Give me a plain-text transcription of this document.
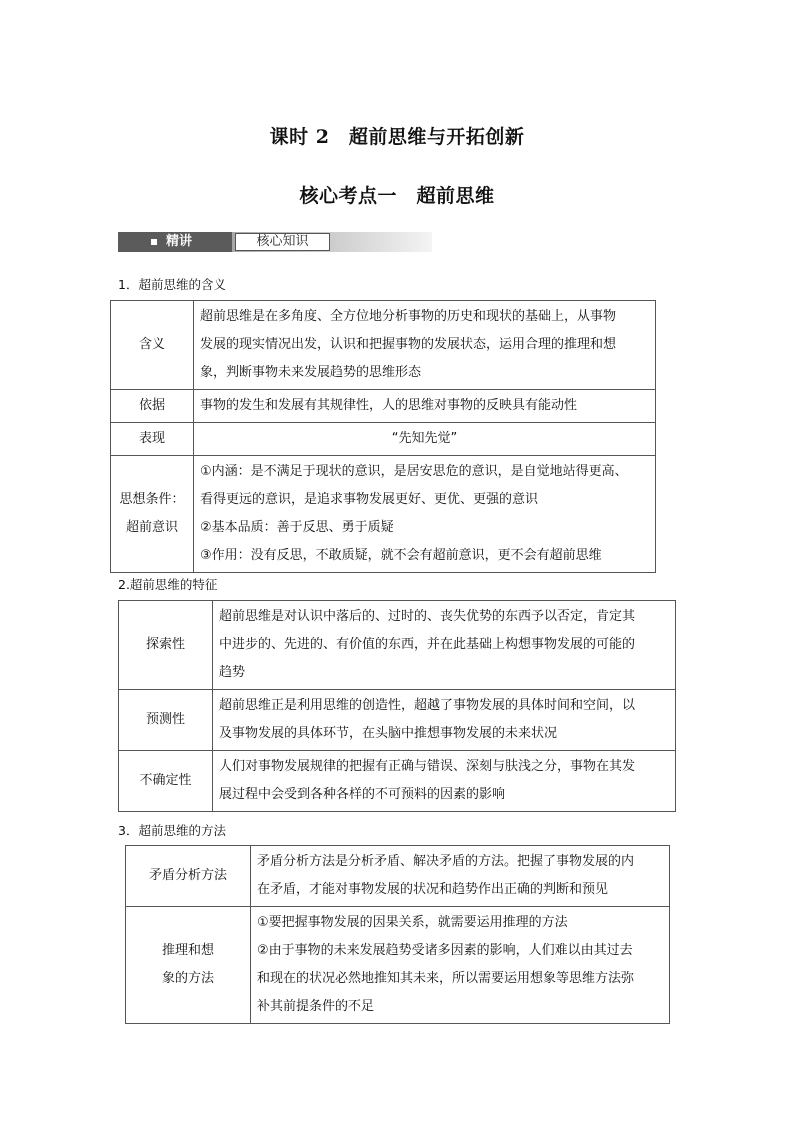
课时 2　超前思维与开拓创新
核心考点一　超前思维
精讲	核心知识
1．超前思维的含义
含义	超前思维是在多角度、全方位地分析事物的历史和现状的基础上，从事物
发展的现实情况出发，认识和把握事物的发展状态，运用合理的推理和想
象，判断事物未来发展趋势的思维形态

依据	事物的发生和发展有其规律性，人的思维对事物的反映具有能动性

表现	“先知先觉”

思想条件：
超前意识	①内涵：是不满足于现状的意识，是居安思危的意识，是自觉地站得更高、
看得更远的意识，是追求事物发展更好、更优、更强的意识
②基本品质：善于反思、勇于质疑
③作用：没有反思，不敢质疑，就不会有超前意识，更不会有超前思维
2.超前思维的特征
探索性	超前思维是对认识中落后的、过时的、丧失优势的东西予以否定，肯定其
中进步的、先进的、有价值的东西，并在此基础上构想事物发展的可能的
趋势

预测性	超前思维正是利用思维的创造性，超越了事物发展的具体时间和空间，以
及事物发展的具体环节，在头脑中推想事物发展的未来状况

不确定性	人们对事物发展规律的把握有正确与错误、深刻与肤浅之分，事物在其发
展过程中会受到各种各样的不可预料的因素的影响
3．超前思维的方法
矛盾分析方法	矛盾分析方法是分析矛盾、解决矛盾的方法。把握了事物发展的内
在矛盾，才能对事物发展的状况和趋势作出正确的判断和预见

推理和想
象的方法	①要把握事物发展的因果关系，就需要运用推理的方法
②由于事物的未来发展趋势受诸多因素的影响，人们难以由其过去
和现在的状况必然地推知其未来，所以需要运用想象等思维方法弥
补其前提条件的不足
